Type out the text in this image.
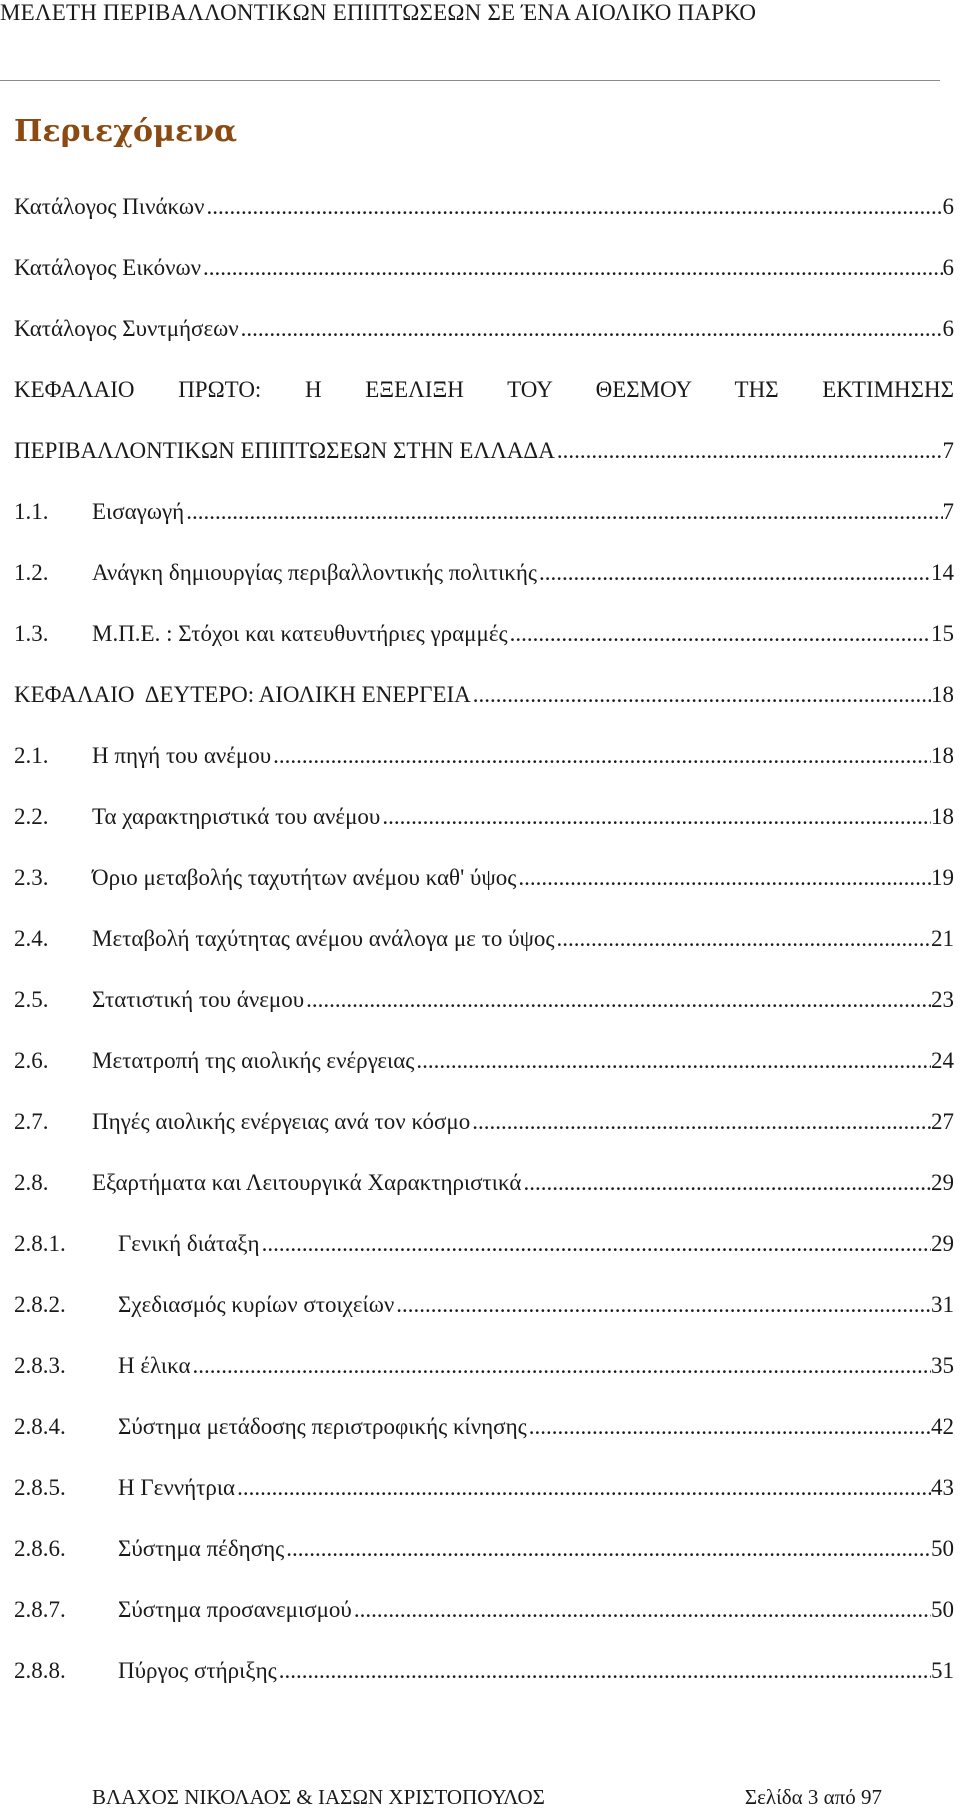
ΜΕΛΕΤΗ ΠΕΡΙΒΑΛΛΟΝΤΙΚΩΝ ΕΠΙΠΤΩΣΕΩΝ ΣΕ ΈΝΑ ΑΙΟΛΙΚΟ ΠΑΡΚΟ
Περιεχόμενα
Κατάλογος Πινάκων .....	6
Κατάλογος Εικόνων .....	6
Κατάλογος Συντμήσεων .....	6
ΚΕΦΑΛΑΙΟ ΠΡΩΤΟ: Η ΕΞΕΛΙΞΗ ΤΟΥ ΘΕΣΜΟΥ ΤΗΣ ΕΚΤΙΜΗΣΗΣ
ΠΕΡΙΒΑΛΛΟΝΤΙΚΩΝ ΕΠΙΠΤΩΣΕΩΝ ΣΤΗΝ ΕΛΛΑΔΑ .....	7
1.1.	Εισαγωγή .....	7
1.2.	Ανάγκη δημιουργίας περιβαλλοντικής πολιτικής .....	14
1.3.	Μ.Π.Ε. : Στόχοι και κατευθυντήριες γραμμές .....	15
ΚΕΦΑΛΑΙΟ  ΔΕΥΤΕΡΟ: ΑΙΟΛΙΚΗ ΕΝΕΡΓΕΙΑ .....	18
2.1.	Η πηγή του ανέμου .....	18
2.2.	Τα χαρακτηριστικά του ανέμου .....	18
2.3.	Όριο μεταβολής ταχυτήτων ανέμου καθ' ύψος .....	19
2.4.	Μεταβολή ταχύτητας ανέμου ανάλογα με το ύψος .....	21
2.5.	Στατιστική του άνεμου .....	23
2.6.	Μετατροπή της αιολικής ενέργειας .....	24
2.7.	Πηγές αιολικής ενέργειας ανά τον κόσμο .....	27
2.8.	Εξαρτήματα και Λειτουργικά Χαρακτηριστικά .....	29
2.8.1.	Γενική διάταξη .....	29
2.8.2.	Σχεδιασμός κυρίων στοιχείων .....	31
2.8.3.	Η έλικα .....	35
2.8.4.	Σύστημα μετάδοσης περιστροφικής κίνησης .....	42
2.8.5.	Η Γεννήτρια .....	43
2.8.6.	Σύστημα πέδησης .....	50
2.8.7.	Σύστημα προσανεμισμού .....	50
2.8.8.	Πύργος στήριξης .....	51
ΒΛΑΧΟΣ ΝΙΚΟΛΑΟΣ & ΙΑΣΩΝ ΧΡΙΣΤΟΠΟΥΛΟΣ	Σελίδα 3 από 97
